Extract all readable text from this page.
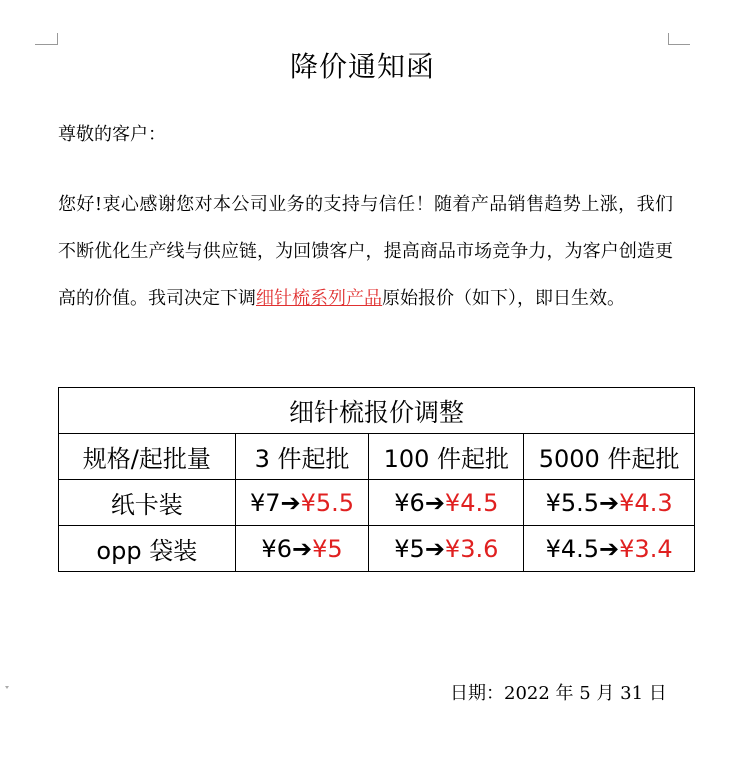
降价通知函
尊敬的客户：
您好!衷心感谢您对本公司业务的支持与信任！随着产品销售趋势上涨，我们不断优化生产线与供应链，为回馈客户，提高商品市场竞争力，为客户创造更高的价值。我司决定下调细针梳系列产品原始报价（如下），即日生效。
细针梳报价调整			
规格/起批量	3 件起批	100 件起批	5000 件起批
纸卡装	¥7➔¥5.5	¥6➔¥4.5	¥5.5➔¥4.3
opp 袋装	¥6➔¥5	¥5➔¥3.6	¥4.5➔¥3.4
日期：2022 年 5 月 31 日
